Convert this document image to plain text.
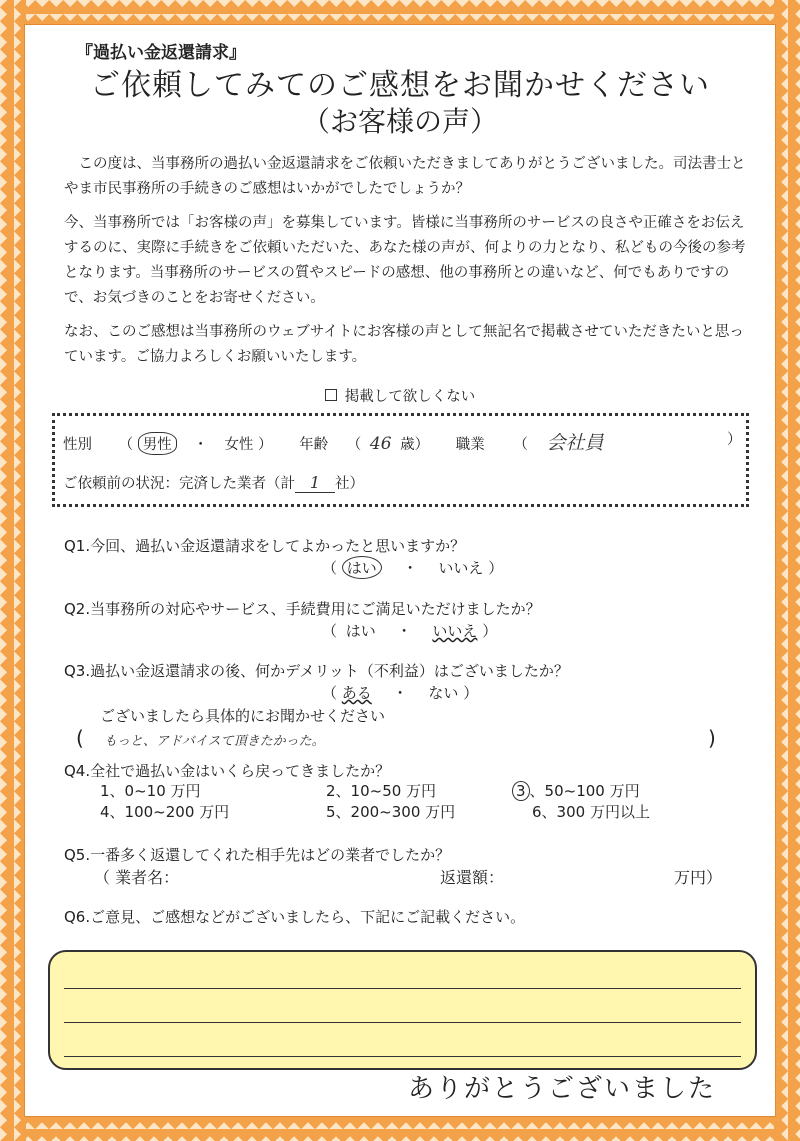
『過払い金返還請求』
ご依頼してみてのご感想をお聞かせください
（お客様の声）
この度は、当事務所の過払い金返還請求をご依頼いただきましてありがとうございました。司法書士とやま市民事務所の手続きのご感想はいかがでしたでしょうか？
今、当事務所では「お客様の声」を募集しています。皆様に当事務所のサービスの良さや正確さをお伝えするのに、実際に手続きをご依頼いただいた、あなた様の声が、何よりの力となり、私どもの今後の参考となります。当事務所のサービスの質やスピードの感想、他の事務所との違いなど、何でもありですので、お気づきのことをお寄せください。
なお、このご感想は当事務所のウェブサイトにお客様の声として無記名で掲載させていただきたいと思っています。ご協力よろしくお願いいたします。
掲載して欲しくない
性別 （ 男性 ・ 女性 ） 年齢 （ 46 歳） 職業 （ 会社員	）
ご依頼前の状況：完済した業者（計 1 社）
Q1.今回、過払い金返還請求をしてよかったと思いますか？
（ はい ・ いいえ ）
Q2.当事務所の対応やサービス、手続費用にご満足いただけましたか？
（ はい ・ いいえ ）
Q3.過払い金返還請求の後、何かデメリット（不利益）はございましたか？
（ ある ・ ない ）
ございましたら具体的にお聞かせください
( もっと、アドバイスて頂きたかった。	)
Q4.全社で過払い金はいくら戻ってきましたか？
1、0~10 万円	2、10~50 万円	3 、50~100 万円
4、100~200 万円	5、200~300 万円	6、300 万円以上
Q5.一番多く返還してくれた相手先はどの業者でしたか？
（ 業者名：	返還額：	万円）
Q6.ご意見、ご感想などがございましたら、下記にご記載ください。
ありがとうございました
